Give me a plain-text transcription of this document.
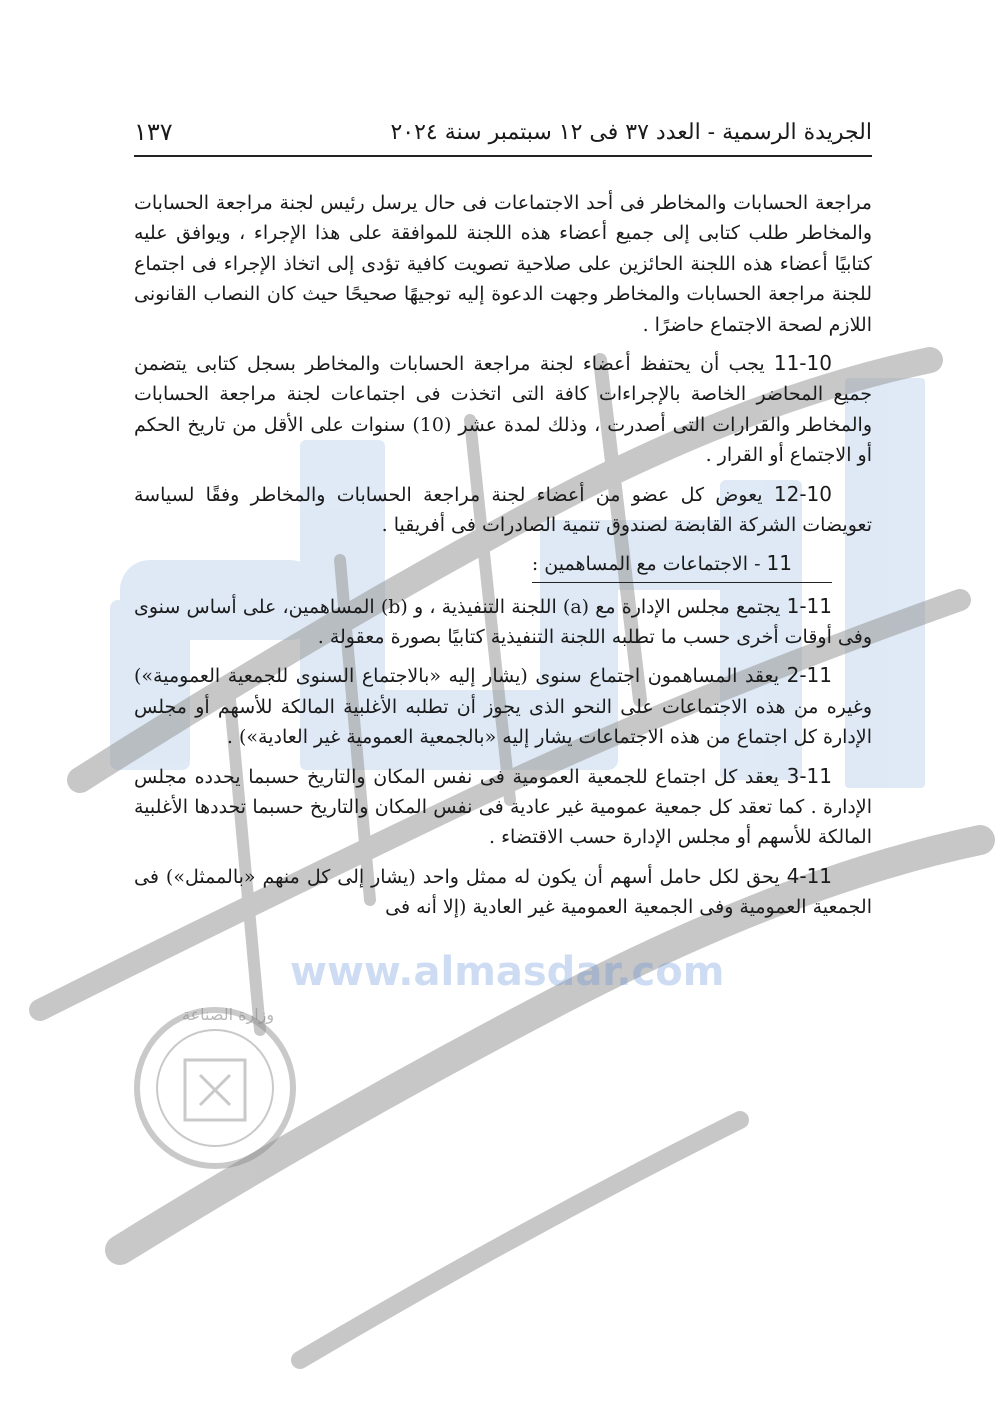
وزارة الصناعة
www.almasdar.com
١٣٧	الجريدة الرسمية - العدد ٣٧ فى ١٢ سبتمبر سنة ٢٠٢٤

مراجعة الحسابات والمخاطر فى أحد الاجتماعات فى حال يرسل رئيس لجنة مراجعة الحسابات والمخاطر طلب كتابى إلى جميع أعضاء هذه اللجنة للموافقة على هذا الإجراء ، ويوافق عليه كتابيًا أعضاء هذه اللجنة الحائزين على صلاحية تصويت كافية تؤدى إلى اتخاذ الإجراء فى اجتماع للجنة مراجعة الحسابات والمخاطر وجهت الدعوة إليه توجيهًا صحيحًا حيث كان النصاب القانونى اللازم لصحة الاجتماع حاضرًا .

11-10 يجب أن يحتفظ أعضاء لجنة مراجعة الحسابات والمخاطر بسجل كتابى يتضمن جميع المحاضر الخاصة بالإجراءات كافة التى اتخذت فى اجتماعات لجنة مراجعة الحسابات والمخاطر والقرارات التى أصدرت ، وذلك لمدة عشر (10) سنوات على الأقل من تاريخ الحكم أو الاجتماع أو القرار .

12-10 يعوض كل عضو من أعضاء لجنة مراجعة الحسابات والمخاطر وفقًا لسياسة تعويضات الشركة القابضة لصندوق تنمية الصادرات فى أفريقيا .

11 - الاجتماعات مع المساهمين :

1-11 يجتمع مجلس الإدارة مع (a) اللجنة التنفيذية ، و (b) المساهمين، على أساس سنوى وفى أوقات أخرى حسب ما تطلبه اللجنة التنفيذية كتابيًا بصورة معقولة .

2-11 يعقد المساهمون اجتماع سنوى (يشار إليه «بالاجتماع السنوى للجمعية العمومية») وغيره من هذه الاجتماعات على النحو الذى يجوز أن تطلبه الأغلبية المالكة للأسهم أو مجلس الإدارة كل اجتماع من هذه الاجتماعات يشار إليه «بالجمعية العمومية غير العادية») .

3-11 يعقد كل اجتماع للجمعية العمومية فى نفس المكان والتاريخ حسبما يحدده مجلس الإدارة . كما تعقد كل جمعية عمومية غير عادية فى نفس المكان والتاريخ حسبما تحددها الأغلبية المالكة للأسهم أو مجلس الإدارة حسب الاقتضاء .

4-11 يحق لكل حامل أسهم أن يكون له ممثل واحد (يشار إلى كل منهم «بالممثل») فى الجمعية العمومية وفى الجمعية العمومية غير العادية (إلا أنه فى
